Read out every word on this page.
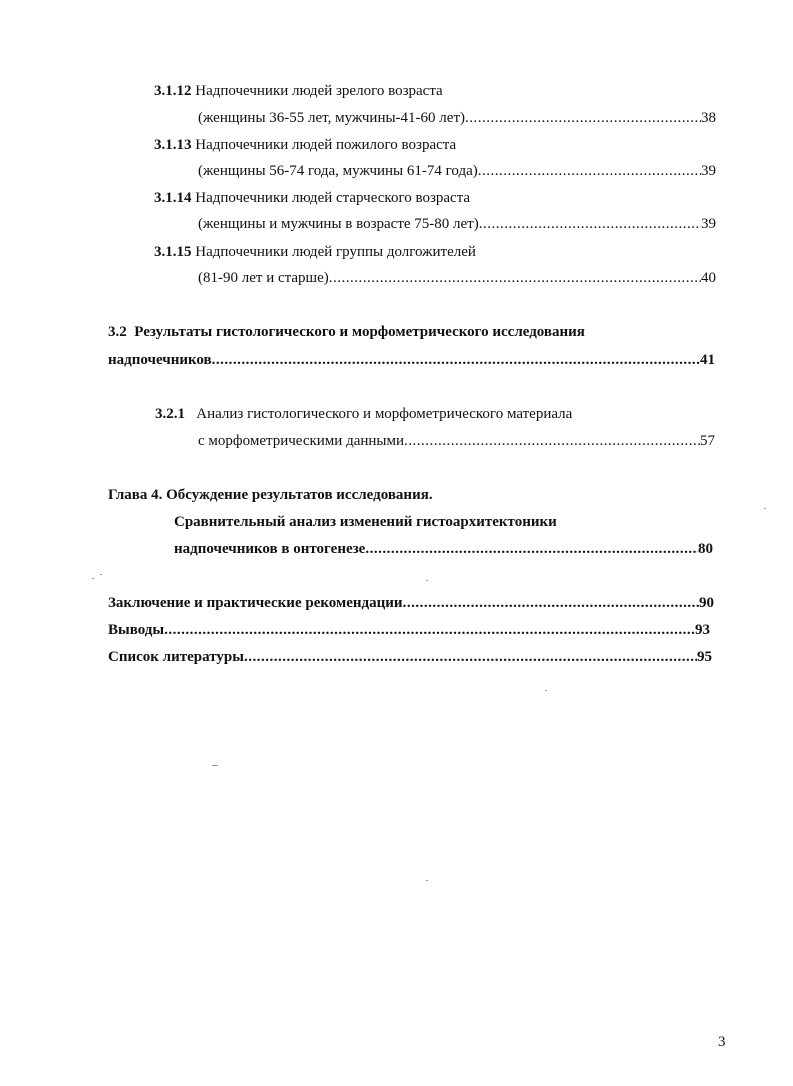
3.1.12 Надпочечники людей зрелого возраста
(женщины 36-55 лет, мужчины-41-60 лет) .....	38
3.1.13 Надпочечники людей пожилого возраста
(женщины 56-74 года, мужчины 61-74 года) .....	39
3.1.14 Надпочечники людей старческого возраста
(женщины и мужчины в возрасте 75-80 лет) .....	39
3.1.15 Надпочечники людей группы долгожителей
(81-90 лет и старше) .....	40
3.2 Результаты гистологического и морфометрического исследования
надпочечников .....	41
3.2.1 Анализ гистологического и морфометрического материала
с морфометрическими данными .....	57
Глава 4. Обсуждение результатов исследования.
Сравнительный анализ изменений гистоархитектоники
надпочечников в онтогенезе .....	80
Заключение и практические рекомендации .....	90
Выводы .....	93
Список литературы .....	95
3
